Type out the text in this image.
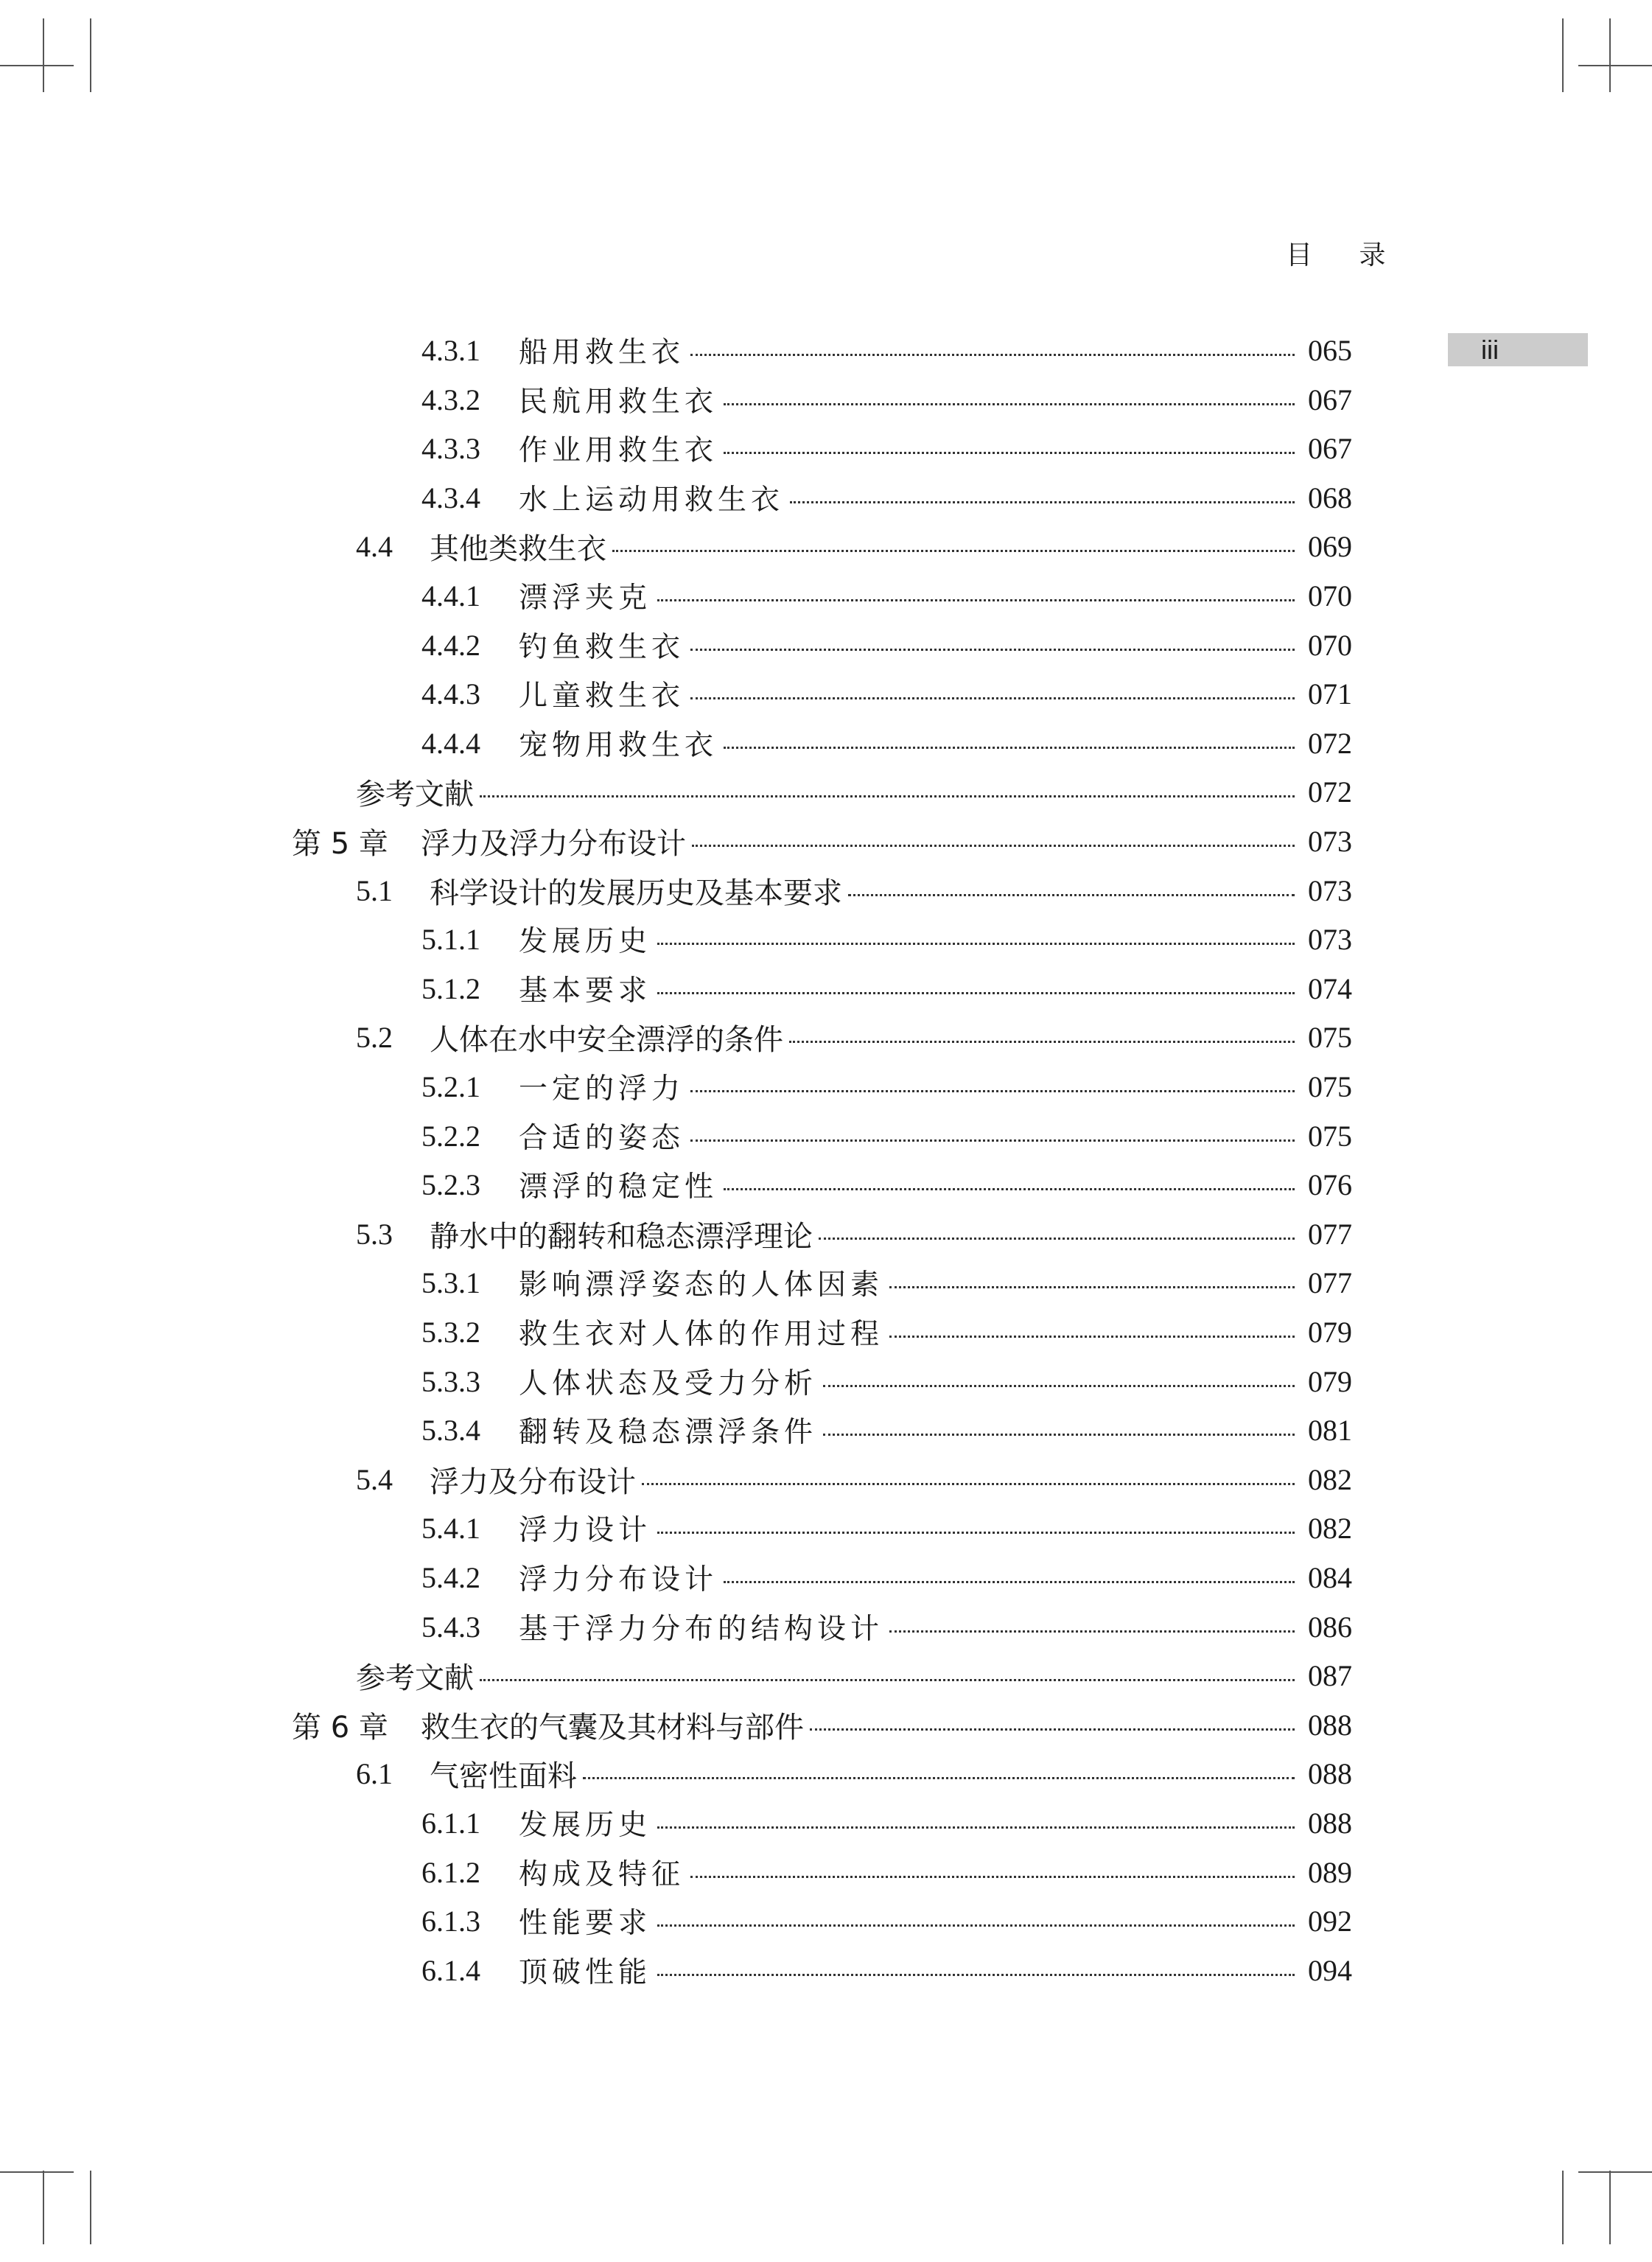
目 录
iii
4.3.1	船用救生衣	065
4.3.2	民航用救生衣	067
4.3.3	作业用救生衣	067
4.3.4	水上运动用救生衣	068
4.4	其他类救生衣	069
4.4.1	漂浮夹克	070
4.4.2	钓鱼救生衣	070
4.4.3	儿童救生衣	071
4.4.4	宠物用救生衣	072
参考文献	072
第 5 章	浮力及浮力分布设计	073
5.1	科学设计的发展历史及基本要求	073
5.1.1	发展历史	073
5.1.2	基本要求	074
5.2	人体在水中安全漂浮的条件	075
5.2.1	一定的浮力	075
5.2.2	合适的姿态	075
5.2.3	漂浮的稳定性	076
5.3	静水中的翻转和稳态漂浮理论	077
5.3.1	影响漂浮姿态的人体因素	077
5.3.2	救生衣对人体的作用过程	079
5.3.3	人体状态及受力分析	079
5.3.4	翻转及稳态漂浮条件	081
5.4	浮力及分布设计	082
5.4.1	浮力设计	082
5.4.2	浮力分布设计	084
5.4.3	基于浮力分布的结构设计	086
参考文献	087
第 6 章	救生衣的气囊及其材料与部件	088
6.1	气密性面料	088
6.1.1	发展历史	088
6.1.2	构成及特征	089
6.1.3	性能要求	092
6.1.4	顶破性能	094
